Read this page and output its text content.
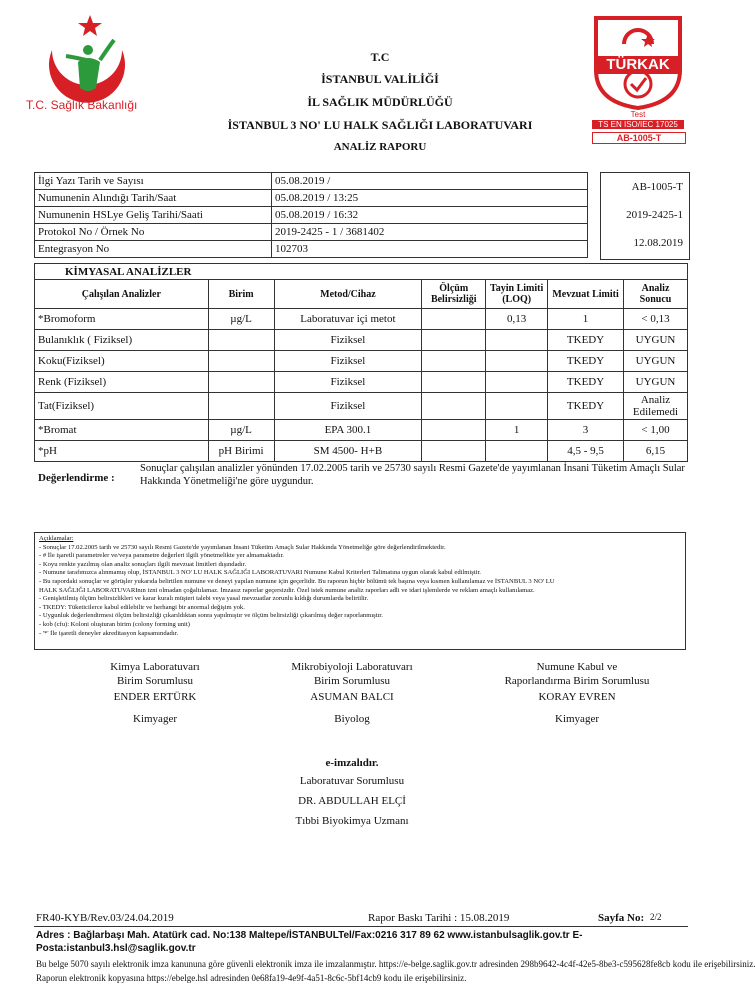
T.C. Sağlık Bakanlığı
TÜRKAK
Test
TS EN ISO/IEC 17025
AB-1005-T
T.C
İSTANBUL VALİLİĞİ
İL SAĞLIK MÜDÜRLÜĞÜ
İSTANBUL 3 NO' LU HALK SAĞLIĞI LABORATUVARI
ANALİZ RAPORU
İlgi Yazı Tarih ve Sayısı	05.08.2019 /
Numunenin Alındığı Tarih/Saat	05.08.2019 / 13:25
Numunenin HSLye Geliş Tarihi/Saati	05.08.2019 / 16:32
Protokol No / Örnek No	2019-2425 - 1 / 3681402
Entegrasyon No	102703
AB-1005-T
2019-2425-1
12.08.2019
KİMYASAL ANALİZLER						
Çalışılan Analizler	Birim	Metod/Cihaz	Ölçüm Belirsizliği	Tayin Limiti (LOQ)	Mevzuat Limiti	Analiz Sonucu
*Bromoform	µg/L	Laboratuvar içi metot		0,13	1	< 0,13
Bulanıklık ( Fiziksel)		Fiziksel			TKEDY	UYGUN
Koku(Fiziksel)		Fiziksel			TKEDY	UYGUN
Renk (Fiziksel)		Fiziksel			TKEDY	UYGUN
Tat(Fiziksel)		Fiziksel			TKEDY	Analiz Edilemedi
*Bromat	µg/L	EPA 300.1		1	3	< 1,00
*pH	pH Birimi	SM 4500- H+B			4,5 - 9,5	6,15
Değerlendirme :
Sonuçlar çalışılan analizler yönünden 17.02.2005 tarih ve 25730 sayılı Resmi Gazete'de yayımlanan İnsani Tüketim Amaçlı Sular Hakkında Yönetmeliği'ne göre uygundur.
Açıklamalar:
- Sonuçlar 17.02.2005 tarih ve 25730 sayılı Resmi Gazete'de yayımlanan İnsani Tüketim Amaçlı Sular Hakkında Yönetmeliğe göre değerlendirilmektedir.
- # İle işaretli parametreler ve/veya parametre değerleri ilgili yönetmelikte yer almamaktadır.
- Koyu renkte yazılmış olan analiz sonuçları ilgili mevzuat limitleri dışındadır.
- Numune tarafımızca alınmamış olup, İSTANBUL 3 NO' LU HALK SAĞLIĞI LABORATUVARI Numune Kabul Kriterleri Talimatına uygun olarak kabul edilmiştir.
- Bu rapordaki sonuçlar ve görüşler yukarıda belirtilen numune ve deneyi yapılan numune için geçerlidir. Bu raporun hiçbir bölümü tek başına veya kısmen kullanılamaz ve İSTANBUL 3 NO' LU
HALK SAĞLIĞI LABORATUVARInın izni olmadan çoğaltılamaz. İmzasız raporlar geçersizdir. Özel istek numune analiz raporları adli ve idari işlemlerde ve reklam amaçlı kullanılamaz.
- Genişletilmiş ölçüm belirsizlikleri ve karar kuralı müşteri talebi veya yasal mevzuatlar zorunlu kıldığı durumlarda belirtilir.
- TKEDY: Tüketicilerce kabul edilebilir ve herhangi bir anormal değişim yok.
- Uygunluk değerlendirmesi ölçüm belirsizliği çıkarıldıktan sonra yapılmıştır ve ölçüm belirsizliği çıkarılmış değer raporlanmıştır.
- kob (cfu): Koloni oluşturan birim (colony forming unit)
- '*' İle işaretli deneyler akreditasyon kapsamındadır.
Kimya Laboratuvarı
Birim Sorumlusu
ENDER ERTÜRK
Kimyager
Mikrobiyoloji Laboratuvarı
Birim Sorumlusu
ASUMAN BALCI
Biyolog
Numune Kabul ve
Raporlandırma Birim Sorumlusu
KORAY EVREN
Kimyager
e-imzalıdır.
Laboratuvar Sorumlusu
DR. ABDULLAH ELÇİ
Tıbbi Biyokimya Uzmanı
FR40-KYB/Rev.03/24.04.2019	Rapor Baskı Tarihi : 15.08.2019	Sayfa No: 2/2
Adres : Bağlarbaşı Mah. Atatürk cad. No:138 Maltepe/İSTANBULTel/Fax:0216 317 89 62 www.istanbulsaglik.gov.tr E-Posta:istanbul3.hsl@saglik.gov.tr
Bu belge 5070 sayılı elektronik imza kanununa göre güvenli elektronik imza ile imzalanmıştır. https://e-belge.saglik.gov.tr adresinden 298b9642-4c4f-42e5-8be3-c595628fe8cb kodu ile erişebilirsiniz.
Raporun elektronik kopyasına https://ebelge.hsl adresinden 0e68fa19-4e9f-4a51-8c6c-5bf14cb9 kodu ile erişebilirsiniz.
